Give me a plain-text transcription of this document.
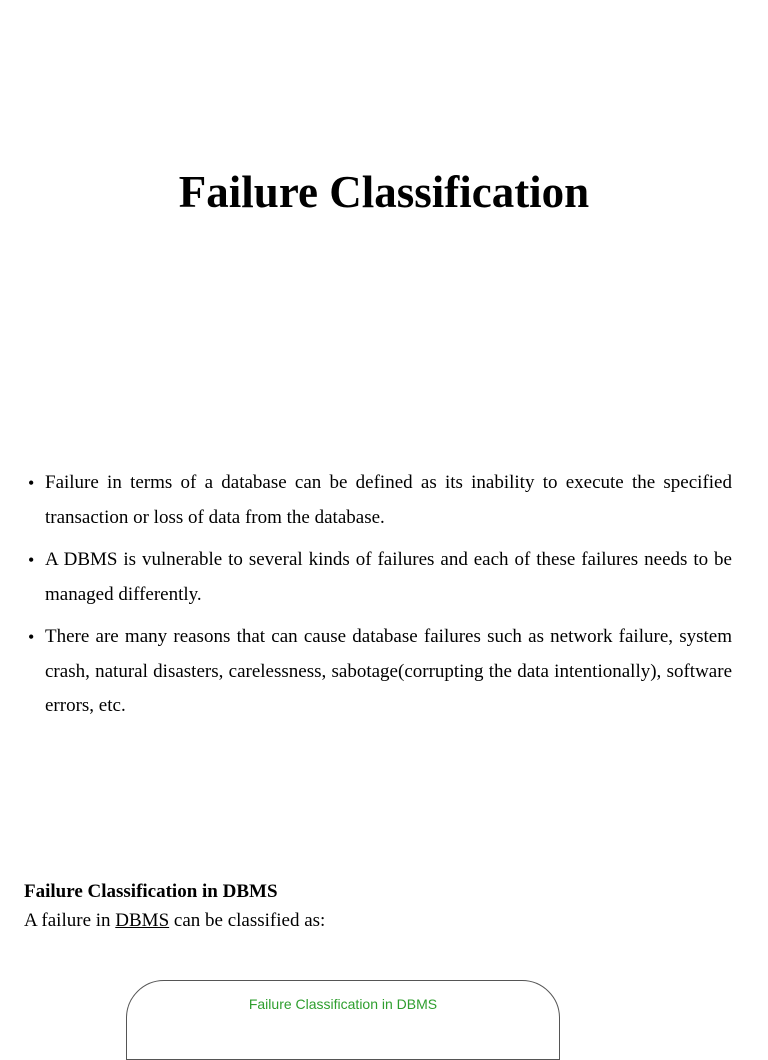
Failure Classification
• Failure in terms of a database can be defined as its inability to execute the specified transaction or loss of data from the database.
• A DBMS is vulnerable to several kinds of failures and each of these failures needs to be managed differently.
• There are many reasons that can cause database failures such as network failure, system crash, natural disasters, carelessness, sabotage(corrupting the data intentionally), software errors, etc.

Failure Classification in DBMS

A failure in DBMS can be classified as:

Failure Classification in DBMS
